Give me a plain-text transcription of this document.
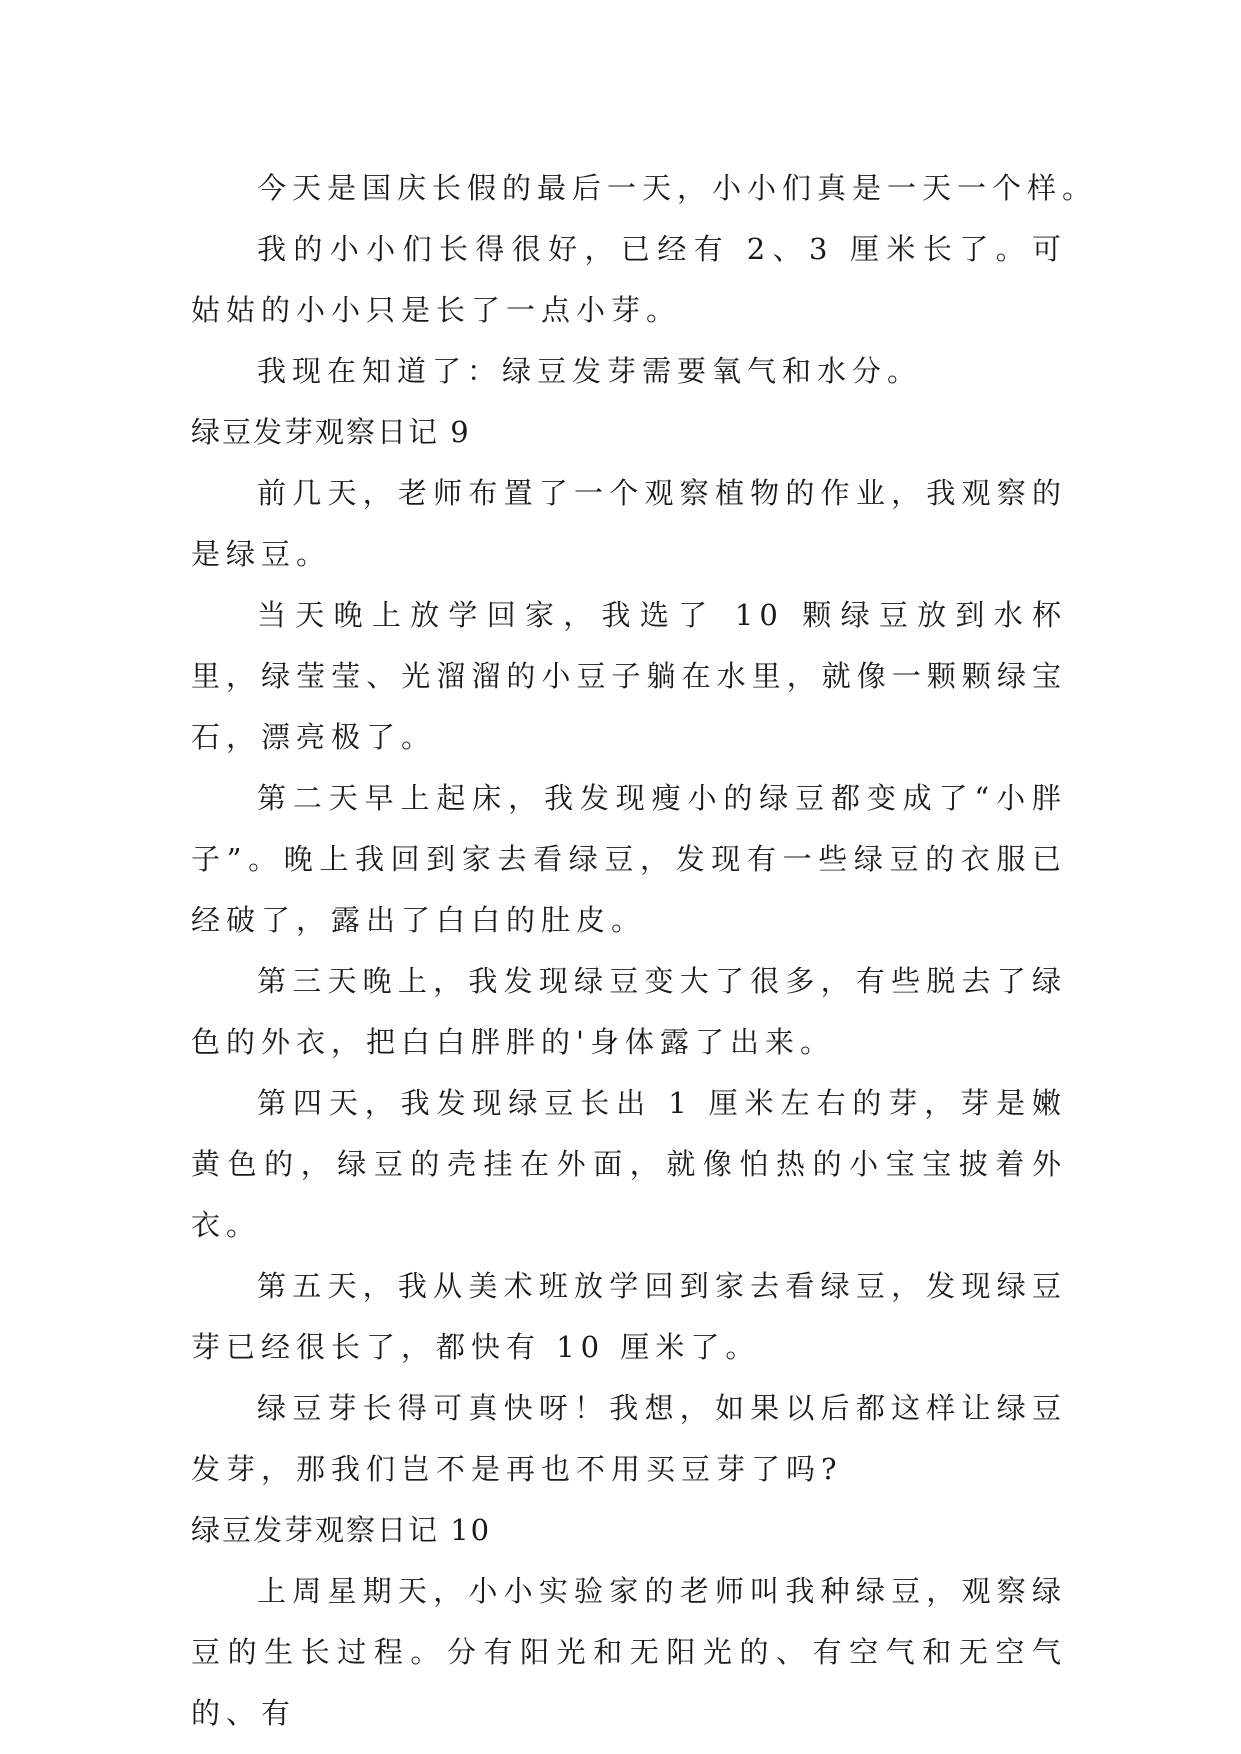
今天是国庆长假的最后一天，小小们真是一天一个样。

我的小小们长得很好，已经有 2、3 厘米长了。可姑姑的小小只是长了一点小芽。

我现在知道了：绿豆发芽需要氧气和水分。

绿豆发芽观察日记 9

前几天，老师布置了一个观察植物的作业，我观察的是绿豆。

当天晚上放学回家，我选了 10 颗绿豆放到水杯里，绿莹莹、光溜溜的小豆子躺在水里，就像一颗颗绿宝石，漂亮极了。

第二天早上起床，我发现瘦小的绿豆都变成了“小胖子”。晚上我回到家去看绿豆，发现有一些绿豆的衣服已经破了，露出了白白的肚皮。

第三天晚上，我发现绿豆变大了很多，有些脱去了绿色的外衣，把白白胖胖的'身体露了出来。

第四天，我发现绿豆长出 1 厘米左右的芽，芽是嫩黄色的，绿豆的壳挂在外面，就像怕热的小宝宝披着外衣。

第五天，我从美术班放学回到家去看绿豆，发现绿豆芽已经很长了，都快有 10 厘米了。

绿豆芽长得可真快呀！我想，如果以后都这样让绿豆发芽，那我们岂不是再也不用买豆芽了吗?

绿豆发芽观察日记 10

上周星期天，小小实验家的老师叫我种绿豆，观察绿豆的生长过程。分有阳光和无阳光的、有空气和无空气的、有
